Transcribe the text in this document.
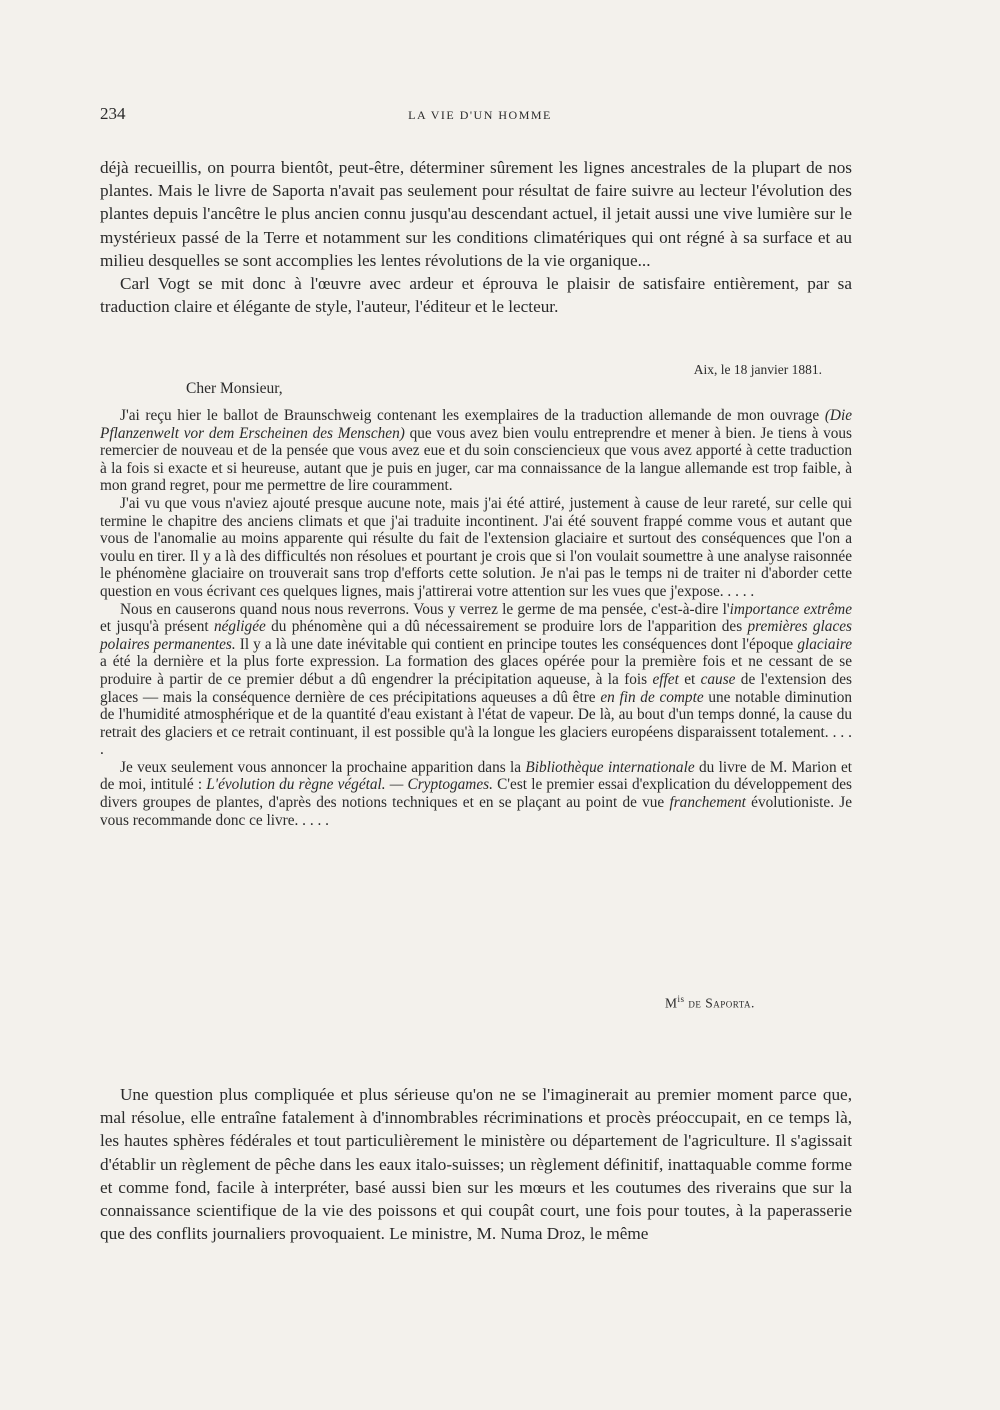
234	LA VIE D'UN HOMME

déjà recueillis, on pourra bientôt, peut-être, déterminer sûrement les lignes ancestrales de la plupart de nos plantes. Mais le livre de Saporta n'avait pas seulement pour résultat de faire suivre au lecteur l'évolution des plantes depuis l'ancêtre le plus ancien connu jusqu'au descendant actuel, il jetait aussi une vive lumière sur le mystérieux passé de la Terre et notamment sur les conditions climatériques qui ont régné à sa surface et au milieu desquelles se sont accomplies les lentes révolutions de la vie organique...

Carl Vogt se mit donc à l'œuvre avec ardeur et éprouva le plaisir de satisfaire entièrement, par sa traduction claire et élégante de style, l'auteur, l'éditeur et le lecteur.

Aix, le 18 janvier 1881.
Cher Monsieur,

J'ai reçu hier le ballot de Braunschweig contenant les exemplaires de la traduction allemande de mon ouvrage (Die Pflanzenwelt vor dem Erscheinen des Menschen) que vous avez bien voulu entreprendre et mener à bien. Je tiens à vous remercier de nouveau et de la pensée que vous avez eue et du soin consciencieux que vous avez apporté à cette traduction à la fois si exacte et si heureuse, autant que je puis en juger, car ma connaissance de la langue allemande est trop faible, à mon grand regret, pour me permettre de lire couramment.

J'ai vu que vous n'aviez ajouté presque aucune note, mais j'ai été attiré, justement à cause de leur rareté, sur celle qui termine le chapitre des anciens climats et que j'ai traduite incontinent. J'ai été souvent frappé comme vous et autant que vous de l'anomalie au moins apparente qui résulte du fait de l'extension glaciaire et surtout des conséquences que l'on a voulu en tirer. Il y a là des difficultés non résolues et pourtant je crois que si l'on voulait soumettre à une analyse raisonnée le phénomène glaciaire on trouverait sans trop d'efforts cette solution. Je n'ai pas le temps ni de traiter ni d'aborder cette question en vous écrivant ces quelques lignes, mais j'attirerai votre attention sur les vues que j'expose. . . . .

Nous en causerons quand nous nous reverrons. Vous y verrez le germe de ma pensée, c'est-à-dire l'importance extrême et jusqu'à présent négligée du phénomène qui a dû nécessairement se produire lors de l'apparition des premières glaces polaires permanentes. Il y a là une date inévitable qui contient en principe toutes les conséquences dont l'époque glaciaire a été la dernière et la plus forte expression. La formation des glaces opérée pour la première fois et ne cessant de se produire à partir de ce premier début a dû engendrer la précipitation aqueuse, à la fois effet et cause de l'extension des glaces — mais la conséquence dernière de ces précipitations aqueuses a dû être en fin de compte une notable diminution de l'humidité atmosphérique et de la quantité d'eau existant à l'état de vapeur. De là, au bout d'un temps donné, la cause du retrait des glaciers et ce retrait continuant, il est possible qu'à la longue les glaciers européens disparaissent totalement. . . . .

Je veux seulement vous annoncer la prochaine apparition dans la Bibliothèque internationale du livre de M. Marion et de moi, intitulé : L'évolution du règne végétal. — Cryptogames. C'est le premier essai d'explication du développement des divers groupes de plantes, d'après des notions techniques et en se plaçant au point de vue franchement évolutioniste. Je vous recommande donc ce livre. . . . .

$M^{is}$ de Saporta.

Une question plus compliquée et plus sérieuse qu'on ne se l'imaginerait au premier moment parce que, mal résolue, elle entraîne fatalement à d'innombrables récriminations et procès préoccupait, en ce temps là, les hautes sphères fédérales et tout particulièrement le ministère ou département de l'agriculture. Il s'agissait d'établir un règlement de pêche dans les eaux italo-suisses; un règlement définitif, inattaquable comme forme et comme fond, facile à interpréter, basé aussi bien sur les mœurs et les coutumes des riverains que sur la connaissance scientifique de la vie des poissons et qui coupât court, une fois pour toutes, à la paperasserie que des conflits journaliers provoquaient. Le ministre, M. Numa Droz, le même
